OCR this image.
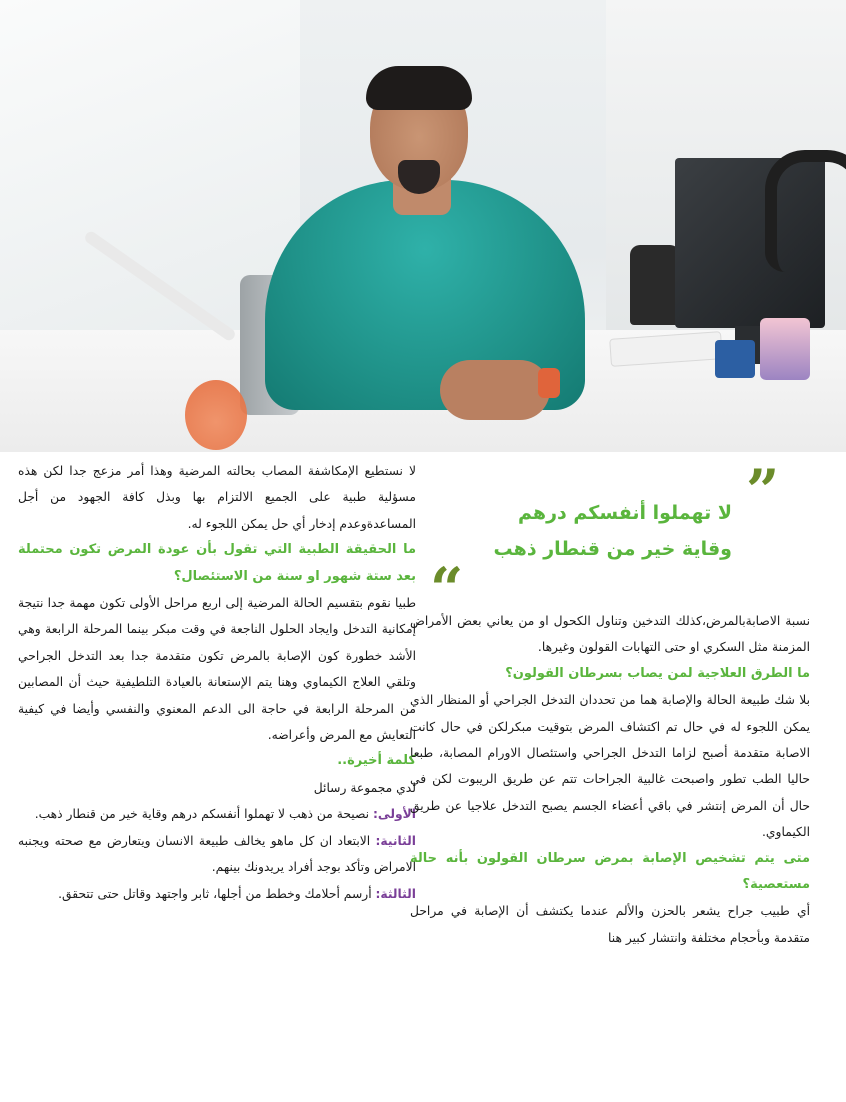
”
لا تهملوا أنفسكم درهم
وقاية خير من قنطار ذهب
“

لا نستطيع الإمكاشفة المصاب بحالته المرضية وهذا أمر مزعج جدا لكن هذه مسؤلية طبية على الجميع الالتزام بها وبذل كافة الجهود من أجل المساعدةوعدم إدخار أي حل يمكن اللجوء له.

ما الحقيقة الطبية التي تقول بأن عودة المرض تكون محتملة بعد ستة شهور او سنة من الاستئصال؟

طبيا نقوم بتقسيم الحالة المرضية إلى اربع مراحل الأولى تكون مهمة جدا نتيجة إمكانية التدخل وايجاد الحلول الناجعة في وقت مبكر بينما المرحلة الرابعة وهي الأشد خطورة كون الإصابة بالمرض تكون متقدمة جدا بعد التدخل الجراحي وتلقي العلاج الكيماوي وهنا يتم الإستعانة بالعيادة التلطيفية حيث أن المصابين من المرحلة الرابعة في حاجة الى الدعم المعنوي والنفسي وأيضا في كيفية التعايش مع المرض وأعراضه.

كلمة أخيرة..

لدي مجموعة رسائل

الأولى: نصيحة من ذهب لا تهملوا أنفسكم درهم وقاية خير من قنطار ذهب.

الثانية: الابتعاد ان كل ماهو يخالف طبيعة الانسان ويتعارض مع صحته ويجنبه الامراض وتأكد بوجد أفراد يريدونك بينهم.

الثالثة: أرسم أحلامك وخطط من أجلها، ثابر واجتهد وقاتل حتى تتحقق.

نسبة الاصابةبالمرض،كذلك التدخين وتناول الكحول او من يعاني بعض الأمراض المزمنة مثل السكري او حتى التهابات القولون وغيرها.

ما الطرق العلاجية لمن يصاب بسرطان القولون؟

بلا شك طبيعة الحالة والإصابة هما من تحددان التدخل الجراحي أو المنظار الذي يمكن اللجوء له في حال تم اكتشاف المرض بتوقيت مبكرلكن في حال كانت الاصابة متقدمة أصبح لزاما التدخل الجراحي واستئصال الاورام المصابة، طبعا حاليا الطب تطور واصبحت غالبية الجراحات تتم عن طريق الريبوت لكن في حال أن المرض إنتشر في باقي أعضاء الجسم يصبح التدخل علاجيا عن طريق الكيماوي.

متى يتم تشخيص الإصابة بمرض سرطان القولون بأنه حالة مستعصية؟

أي طبيب جراح يشعر بالحزن والألم عندما يكتشف أن الإصابة في مراحل متقدمة وبأحجام مختلفة وانتشار كبير هنا
